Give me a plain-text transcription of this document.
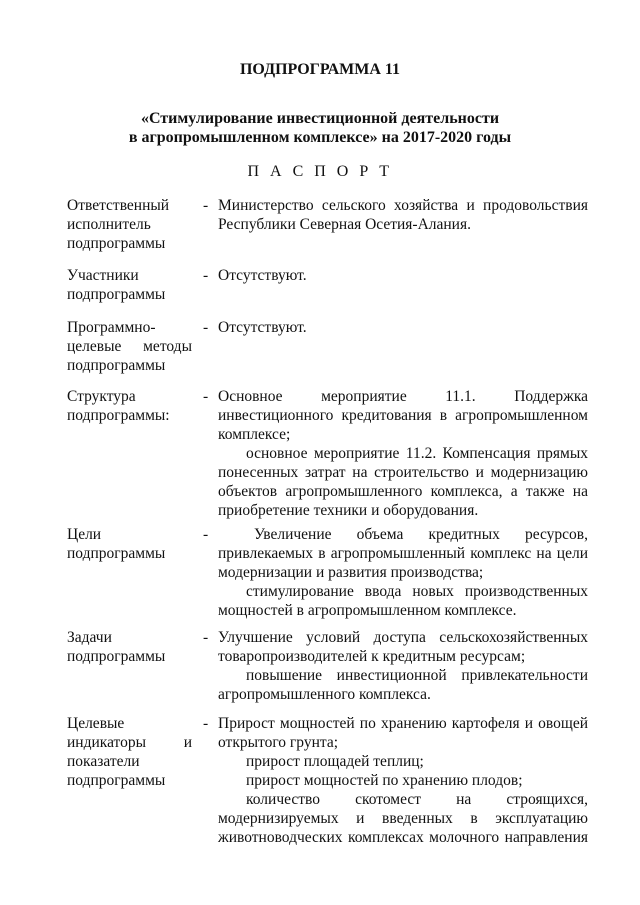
ПОДПРОГРАММА 11
«Стимулирование инвестиционной деятельности
в агропромышленном комплексе» на 2017-2020 годы
П А С П О Р Т
Ответственный
исполнитель
подпрограммы
- Министерство сельского хозяйства и продовольствия
Республики Северная Осетия-Алания.
Участники
подпрограммы
- Отсутствуют.
Программно-
целевые методы
подпрограммы
- Отсутствуют.
Структура
подпрограммы:
- Основное мероприятие 11.1. Поддержка
инвестиционного кредитования в агропромышленном
комплексе;
основное мероприятие 11.2. Компенсация прямых
понесенных затрат на строительство и модернизацию
объектов агропромышленного комплекса, а также на
приобретение техники и оборудования.
Цели
подпрограммы
-	Увеличение объема кредитных ресурсов,
привлекаемых в агропромышленный комплекс на цели
модернизации и развития производства;
стимулирование ввода новых производственных
мощностей в агропромышленном комплексе.
Задачи
подпрограммы
- Улучшение условий доступа сельскохозяйственных
товаропроизводителей к кредитным ресурсам;
повышение инвестиционной привлекательности
агропромышленного комплекса.
Целевые
индикаторы и
показатели
подпрограммы
- Прирост мощностей по хранению картофеля и овощей
открытого грунта;
прирост площадей теплиц;
прирост мощностей по хранению плодов;
количество скотомест на строящихся,
модернизируемых и введенных в эксплуатацию
животноводческих комплексах молочного направления
